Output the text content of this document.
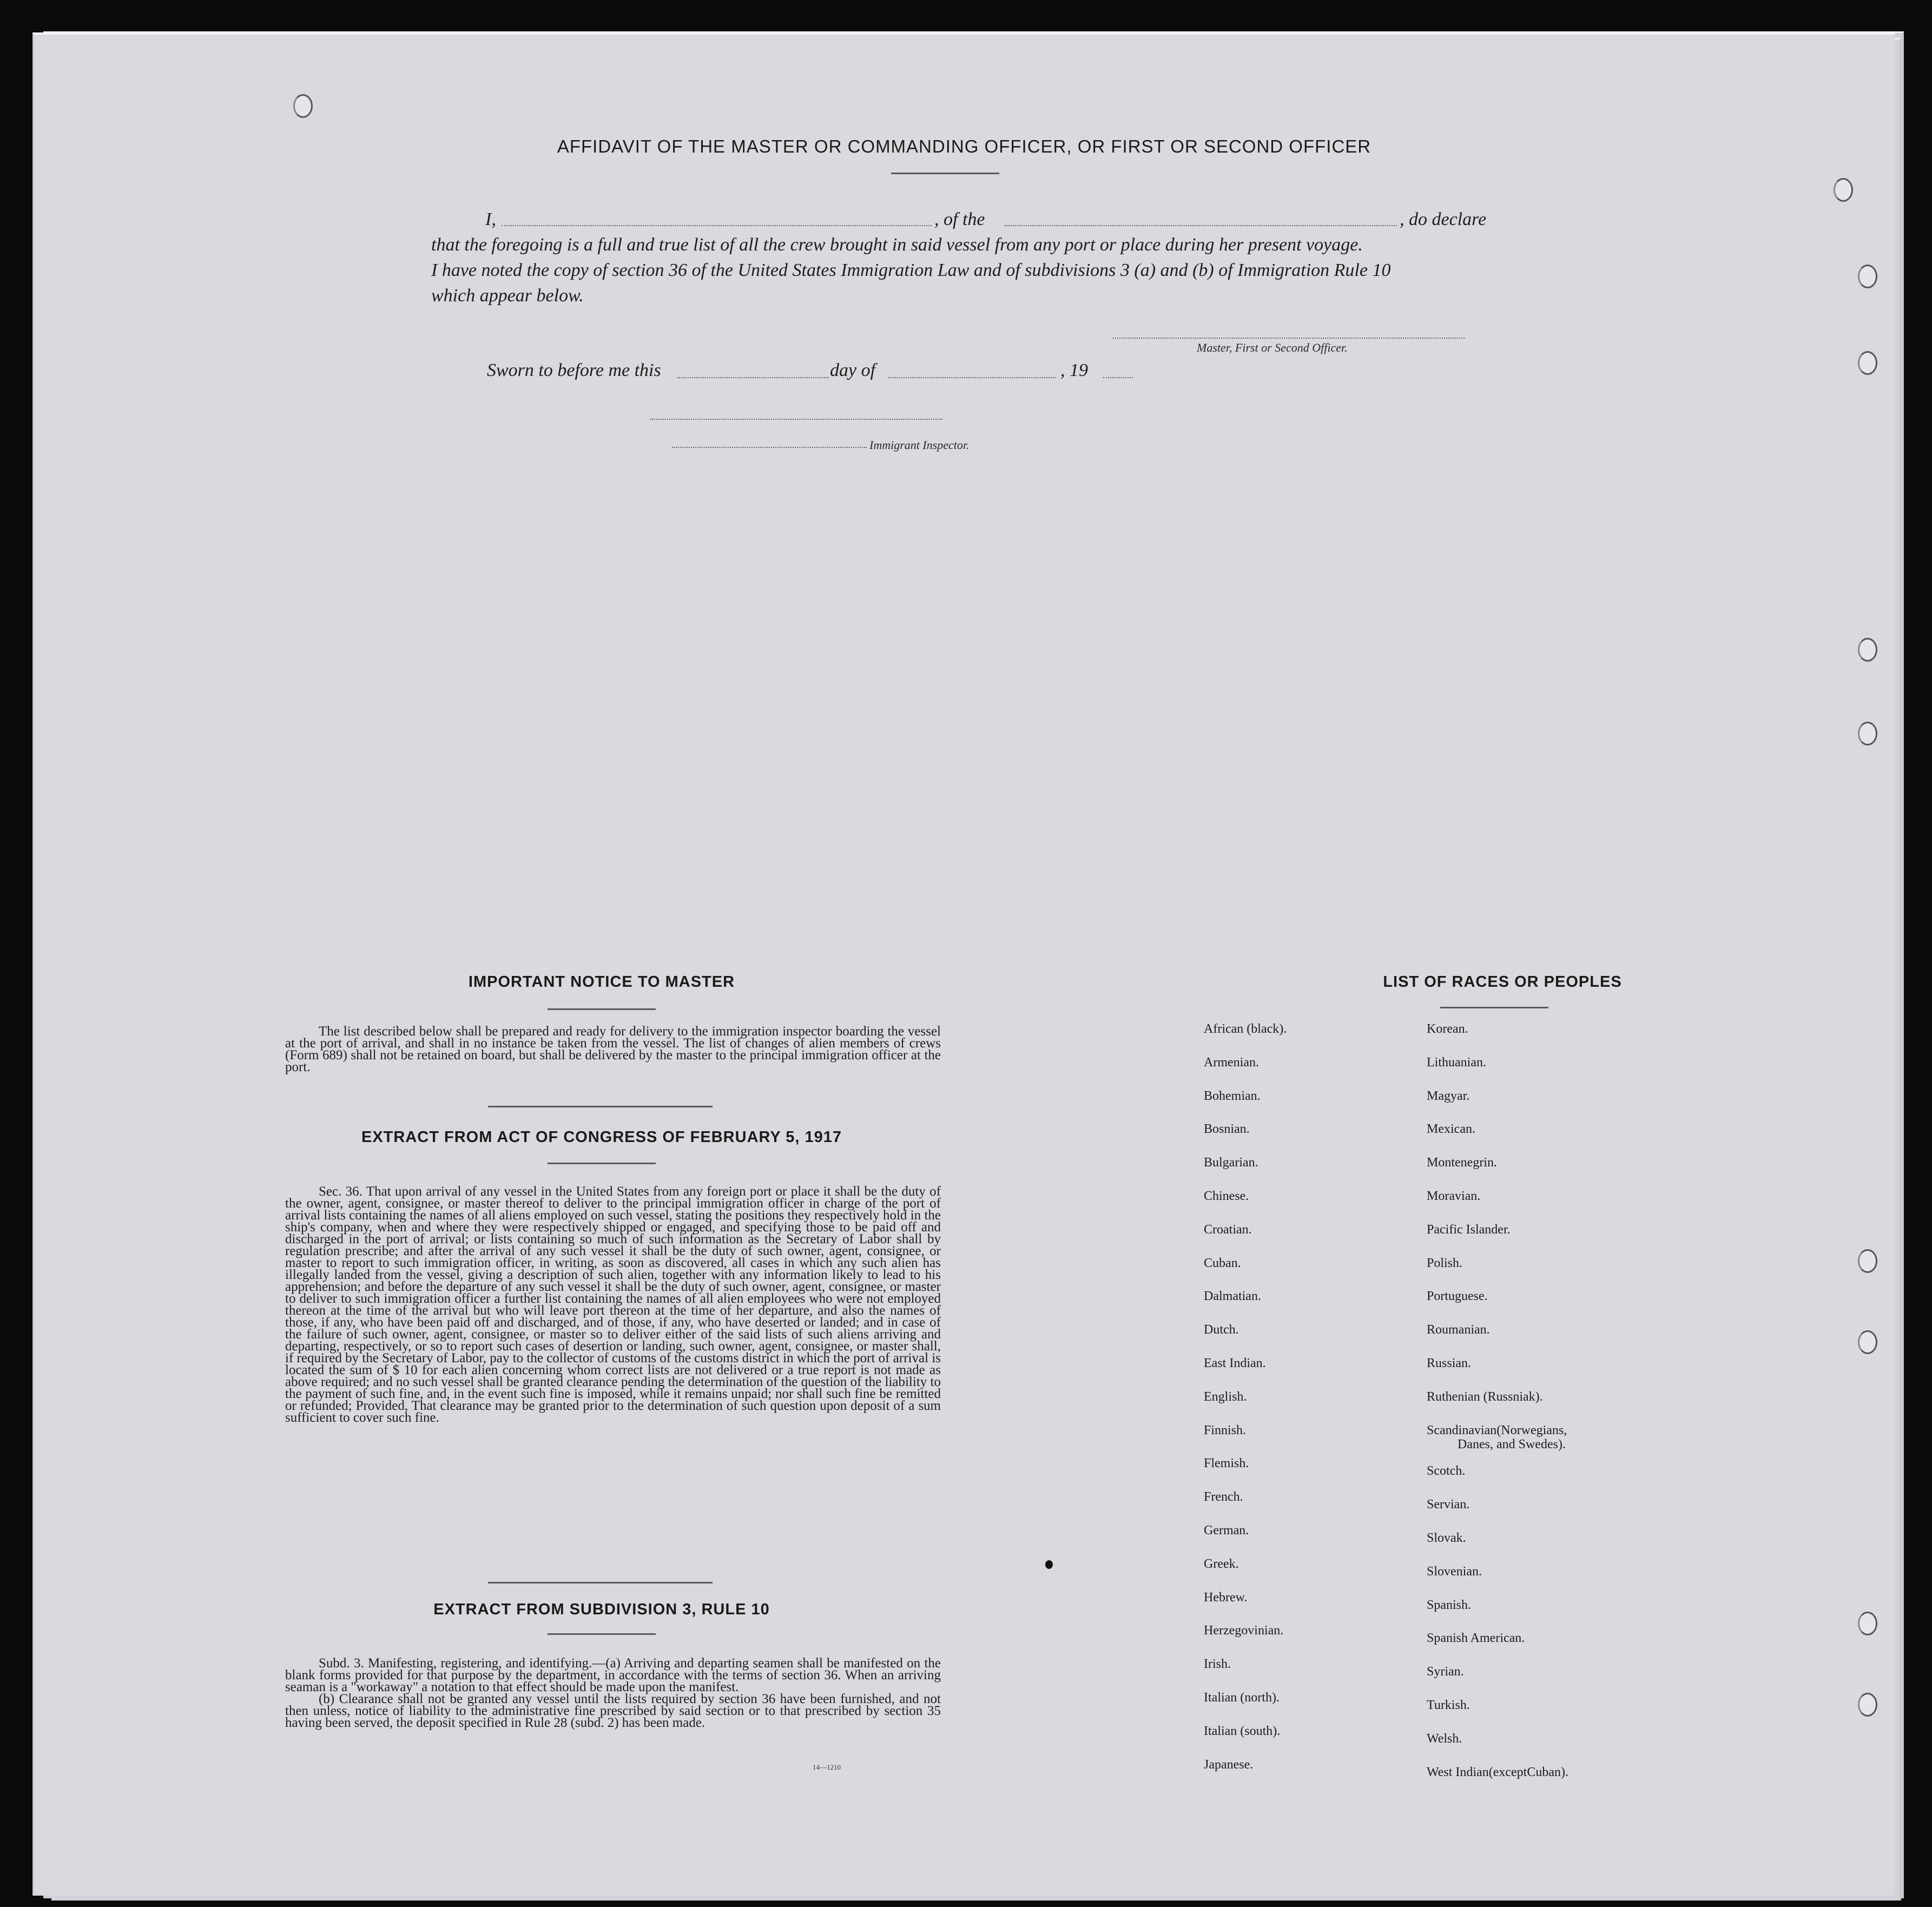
AFFIDAVIT OF THE MASTER OR COMMANDING OFFICER, OR FIRST OR SECOND OFFICER
I,	, of the	, do declare
that the foregoing is a full and true list of all the crew brought in said vessel from any port or place during her present voyage.
I have noted the copy of section 36 of the United States Immigration Law and of subdivisions 3 (a) and (b) of Immigration Rule 10
which appear below.
Master, First or Second Officer.
Sworn to before me this	day of	, 19
Immigrant Inspector.
IMPORTANT NOTICE TO MASTER

The list described below shall be prepared and ready for delivery to the immigration inspector boarding the vessel at the port of arrival, and shall in no instance be taken from the vessel. The list of changes of alien members of crews (Form 689) shall not be retained on board, but shall be delivered by the master to the principal immigration officer at the port.

EXTRACT FROM ACT OF CONGRESS OF FEBRUARY 5, 1917

Sec. 36. That upon arrival of any vessel in the United States from any foreign port or place it shall be the duty of the owner, agent, consignee, or master thereof to deliver to the principal immigration officer in charge of the port of arrival lists containing the names of all aliens employed on such vessel, stating the positions they respectively hold in the ship's company, when and where they were respectively shipped or engaged, and specifying those to be paid off and discharged in the port of arrival; or lists containing so much of such information as the Secretary of Labor shall by regulation prescribe; and after the arrival of any such vessel it shall be the duty of such owner, agent, consignee, or master to report to such immigration officer, in writing, as soon as discovered, all cases in which any such alien has illegally landed from the vessel, giving a description of such alien, together with any information likely to lead to his apprehension; and before the departure of any such vessel it shall be the duty of such owner, agent, consignee, or master to deliver to such immigration officer a further list containing the names of all alien employees who were not employed thereon at the time of the arrival but who will leave port thereon at the time of her departure, and also the names of those, if any, who have been paid off and discharged, and of those, if any, who have deserted or landed; and in case of the failure of such owner, agent, consignee, or master so to deliver either of the said lists of such aliens arriving and departing, respectively, or so to report such cases of desertion or landing, such owner, agent, consignee, or master shall, if required by the Secretary of Labor, pay to the collector of customs of the customs district in which the port of arrival is located the sum of $ 10 for each alien concerning whom correct lists are not delivered or a true report is not made as above required; and no such vessel shall be granted clearance pending the determination of the question of the liability to the payment of such fine, and, in the event such fine is imposed, while it remains unpaid; nor shall such fine be remitted or refunded; Provided, That clearance may be granted prior to the determination of such question upon deposit of a sum sufficient to cover such fine.

EXTRACT FROM SUBDIVISION 3, RULE 10

Subd. 3. Manifesting, registering, and identifying.—(a) Arriving and departing seamen shall be manifested on the blank forms provided for that purpose by the department, in accordance with the terms of section 36. When an arriving seaman is a "workaway" a notation to that effect should be made upon the manifest.

(b) Clearance shall not be granted any vessel until the lists required by section 36 have been furnished, and not then unless, notice of liability to the administrative fine prescribed by said section or to that prescribed by section 35 having been served, the deposit specified in Rule 28 (subd. 2) has been made.

14—1210
LIST OF RACES OR PEOPLES
African (black).
Armenian.
Bohemian.
Bosnian.
Bulgarian.
Chinese.
Croatian.
Cuban.
Dalmatian.
Dutch.
East Indian.
English.
Finnish.
Flemish.
French.
German.
Greek.
Hebrew.
Herzegovinian.
Irish.
Italian (north).
Italian (south).
Japanese.
Korean.
Lithuanian.
Magyar.
Mexican.
Montenegrin.
Moravian.
Pacific Islander.
Polish.
Portuguese.
Roumanian.
Russian.
Ruthenian (Russniak).
Scandinavian(Norwegians,
Scotch.
Servian.
Slovak.
Slovenian.
Spanish.
Spanish American.
Syrian.
Turkish.
Welsh.
West Indian(exceptCuban).
Danes, and Swedes).
